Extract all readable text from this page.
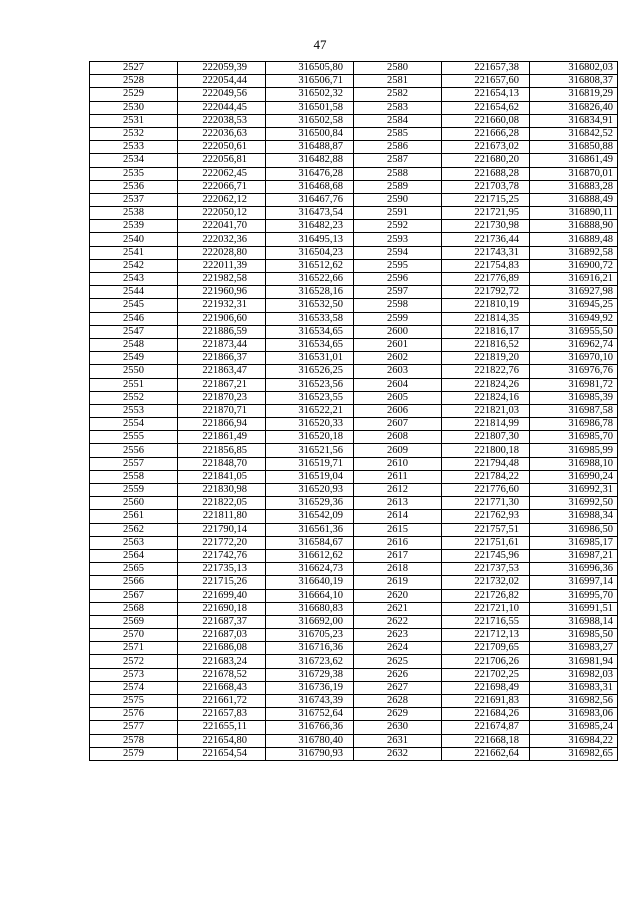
47
2527	222059,39	316505,80	2580	221657,38	316802,03
2528	222054,44	316506,71	2581	221657,60	316808,37
2529	222049,56	316502,32	2582	221654,13	316819,29
2530	222044,45	316501,58	2583	221654,62	316826,40
2531	222038,53	316502,58	2584	221660,08	316834,91
2532	222036,63	316500,84	2585	221666,28	316842,52
2533	222050,61	316488,87	2586	221673,02	316850,88
2534	222056,81	316482,88	2587	221680,20	316861,49
2535	222062,45	316476,28	2588	221688,28	316870,01
2536	222066,71	316468,68	2589	221703,78	316883,28
2537	222062,12	316467,76	2590	221715,25	316888,49
2538	222050,12	316473,54	2591	221721,95	316890,11
2539	222041,70	316482,23	2592	221730,98	316888,90
2540	222032,36	316495,13	2593	221736,44	316889,48
2541	222028,80	316504,23	2594	221743,31	316892,58
2542	222011,39	316512,62	2595	221754,83	316900,72
2543	221982,58	316522,66	2596	221776,89	316916,21
2544	221960,96	316528,16	2597	221792,72	316927,98
2545	221932,31	316532,50	2598	221810,19	316945,25
2546	221906,60	316533,58	2599	221814,35	316949,92
2547	221886,59	316534,65	2600	221816,17	316955,50
2548	221873,44	316534,65	2601	221816,52	316962,74
2549	221866,37	316531,01	2602	221819,20	316970,10
2550	221863,47	316526,25	2603	221822,76	316976,76
2551	221867,21	316523,56	2604	221824,26	316981,72
2552	221870,23	316523,55	2605	221824,16	316985,39
2553	221870,71	316522,21	2606	221821,03	316987,58
2554	221866,94	316520,33	2607	221814,99	316986,78
2555	221861,49	316520,18	2608	221807,30	316985,70
2556	221856,85	316521,56	2609	221800,18	316985,99
2557	221848,70	316519,71	2610	221794,48	316988,10
2558	221841,05	316519,04	2611	221784,22	316990,24
2559	221830,98	316520,93	2612	221776,60	316992,31
2560	221822,05	316529,36	2613	221771,30	316992,50
2561	221811,80	316542,09	2614	221762,93	316988,34
2562	221790,14	316561,36	2615	221757,51	316986,50
2563	221772,20	316584,67	2616	221751,61	316985,17
2564	221742,76	316612,62	2617	221745,96	316987,21
2565	221735,13	316624,73	2618	221737,53	316996,36
2566	221715,26	316640,19	2619	221732,02	316997,14
2567	221699,40	316664,10	2620	221726,82	316995,70
2568	221690,18	316680,83	2621	221721,10	316991,51
2569	221687,37	316692,00	2622	221716,55	316988,14
2570	221687,03	316705,23	2623	221712,13	316985,50
2571	221686,08	316716,36	2624	221709,65	316983,27
2572	221683,24	316723,62	2625	221706,26	316981,94
2573	221678,52	316729,38	2626	221702,25	316982,03
2574	221668,43	316736,19	2627	221698,49	316983,31
2575	221661,72	316743,39	2628	221691,83	316982,56
2576	221657,83	316752,64	2629	221684,26	316983,06
2577	221655,11	316766,36	2630	221674,87	316985,24
2578	221654,80	316780,40	2631	221668,18	316984,22
2579	221654,54	316790,93	2632	221662,64	316982,65
